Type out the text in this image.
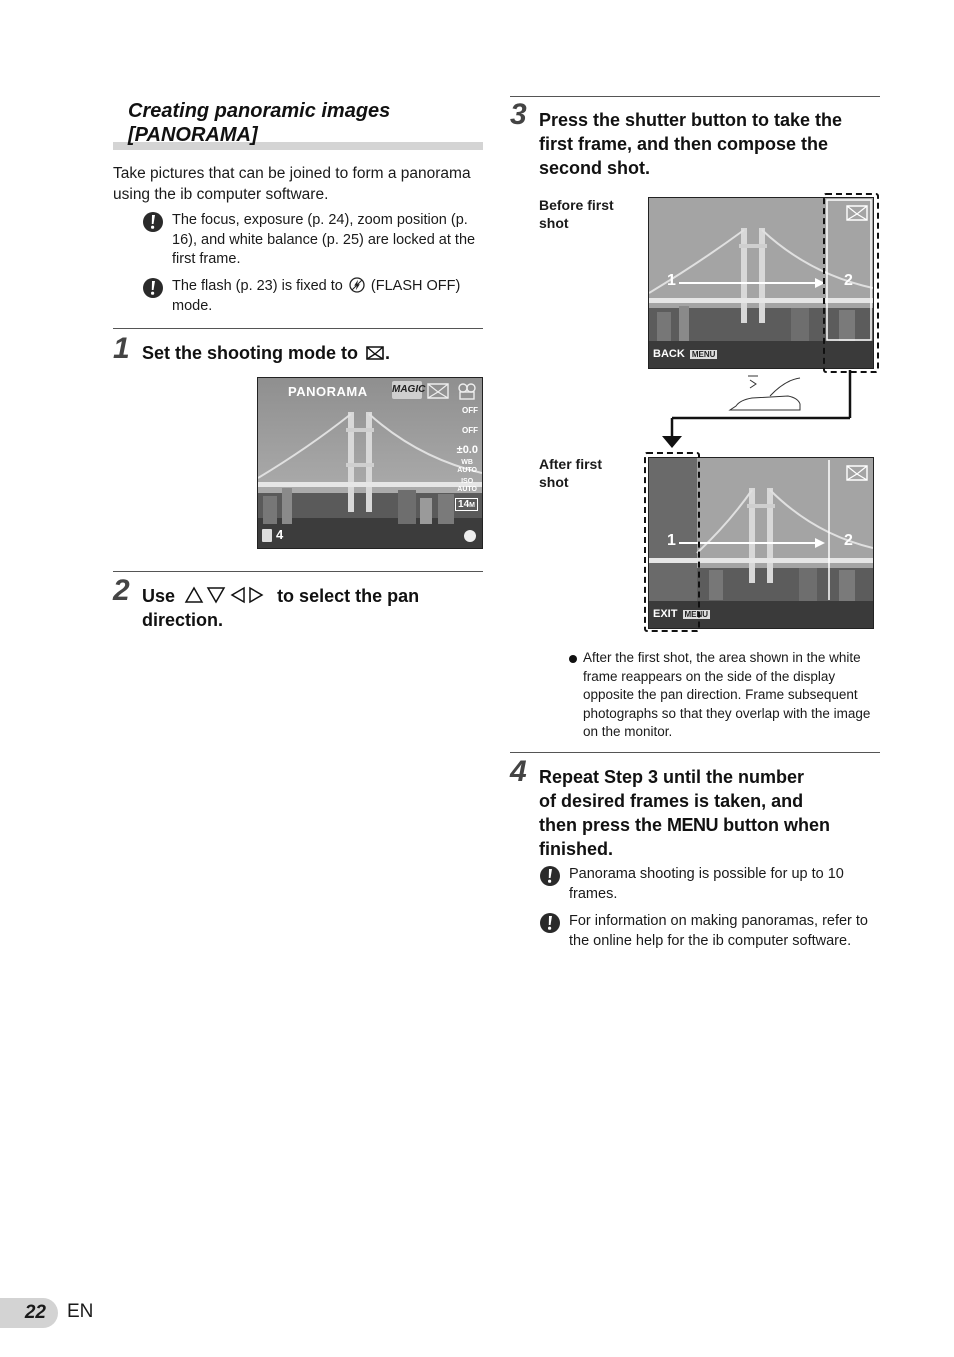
Creating panoramic images
[PANORAMA]
Take pictures that can be joined to form a panorama using the ib computer software.
The focus, exposure (p. 24), zoom position (p. 16), and white balance (p. 25) are locked at the first frame.
The flash (p. 23) is fixed to (FLASH OFF) mode.
1 Set the shooting mode to .
PANORAMA MAGIC
OFF
OFF
±0.0
WB
AUTO
ISO
AUTO
14M
4
2 Use	to select the pan
direction.
3 Press the shutter button to take the first frame, and then compose the second shot.
Before first shot
After first shot
1	2
BACK MENU
1	2
EXIT MENU
After the first shot, the area shown in the white frame reappears on the side of the display opposite the pan direction. Frame subsequent photographs so that they overlap with the image on the monitor.
4 Repeat Step 3 until the number
of desired frames is taken, and
then press the MENU button when
finished.
Panorama shooting is possible for up to 10 frames.
For information on making panoramas, refer to the online help for the ib computer software.
22 EN
